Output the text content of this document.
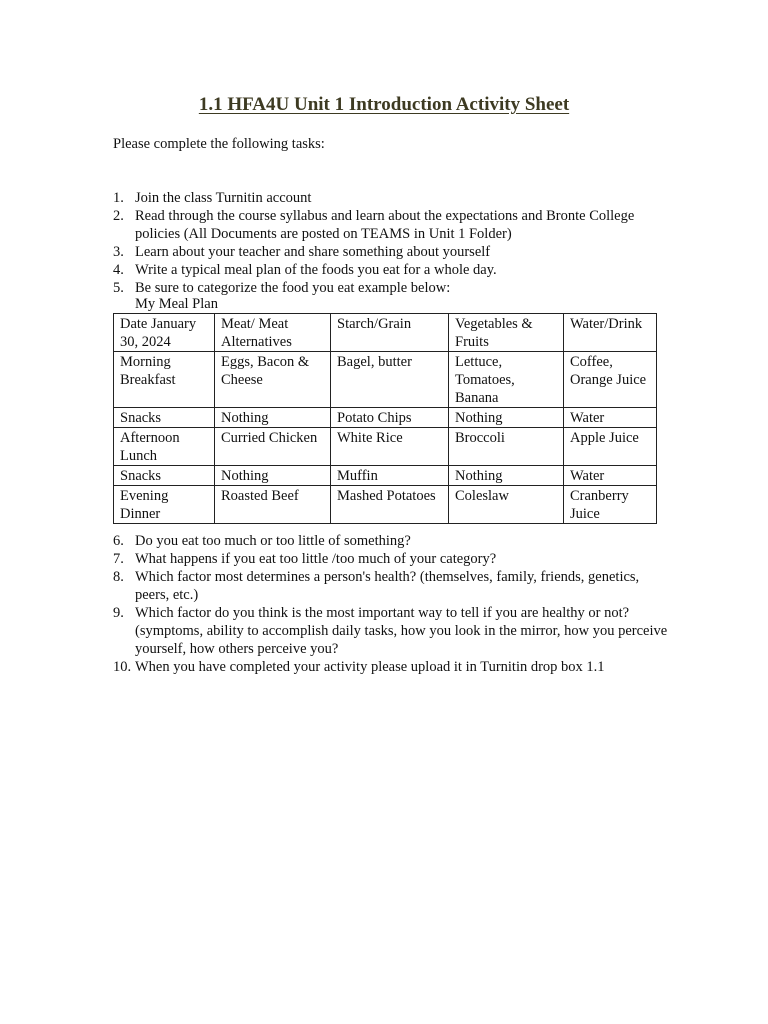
1.1 HFA4U Unit 1 Introduction Activity Sheet
Please complete the following tasks:
1. Join the class Turnitin account
2. Read through the course syllabus and learn about the expectations and Bronte College policies (All Documents are posted on TEAMS in Unit 1 Folder)
3. Learn about your teacher and share something about yourself
4. Write a typical meal plan of the foods you eat for a whole day.
5. Be sure to categorize the food you eat example below:
My Meal Plan
Date January 30, 2024	Meat/ Meat Alternatives	Starch/Grain	Vegetables & Fruits	Water/Drink
Morning Breakfast	Eggs, Bacon & Cheese	Bagel, butter	Lettuce, Tomatoes, Banana	Coffee, Orange Juice
Snacks	Nothing	Potato Chips	Nothing	Water
Afternoon Lunch	Curried Chicken	White Rice	Broccoli	Apple Juice
Snacks	Nothing	Muffin	Nothing	Water
Evening Dinner	Roasted Beef	Mashed Potatoes	Coleslaw	Cranberry Juice
6. Do you eat too much or too little of something?
7. What happens if you eat too little /too much of your category?
8. Which factor most determines a person's health? (themselves, family, friends, genetics, peers, etc.)
9. Which factor do you think is the most important way to tell if you are healthy or not? (symptoms, ability to accomplish daily tasks, how you look in the mirror, how you perceive yourself, how others perceive you?
10. When you have completed your activity please upload it in Turnitin drop box 1.1
